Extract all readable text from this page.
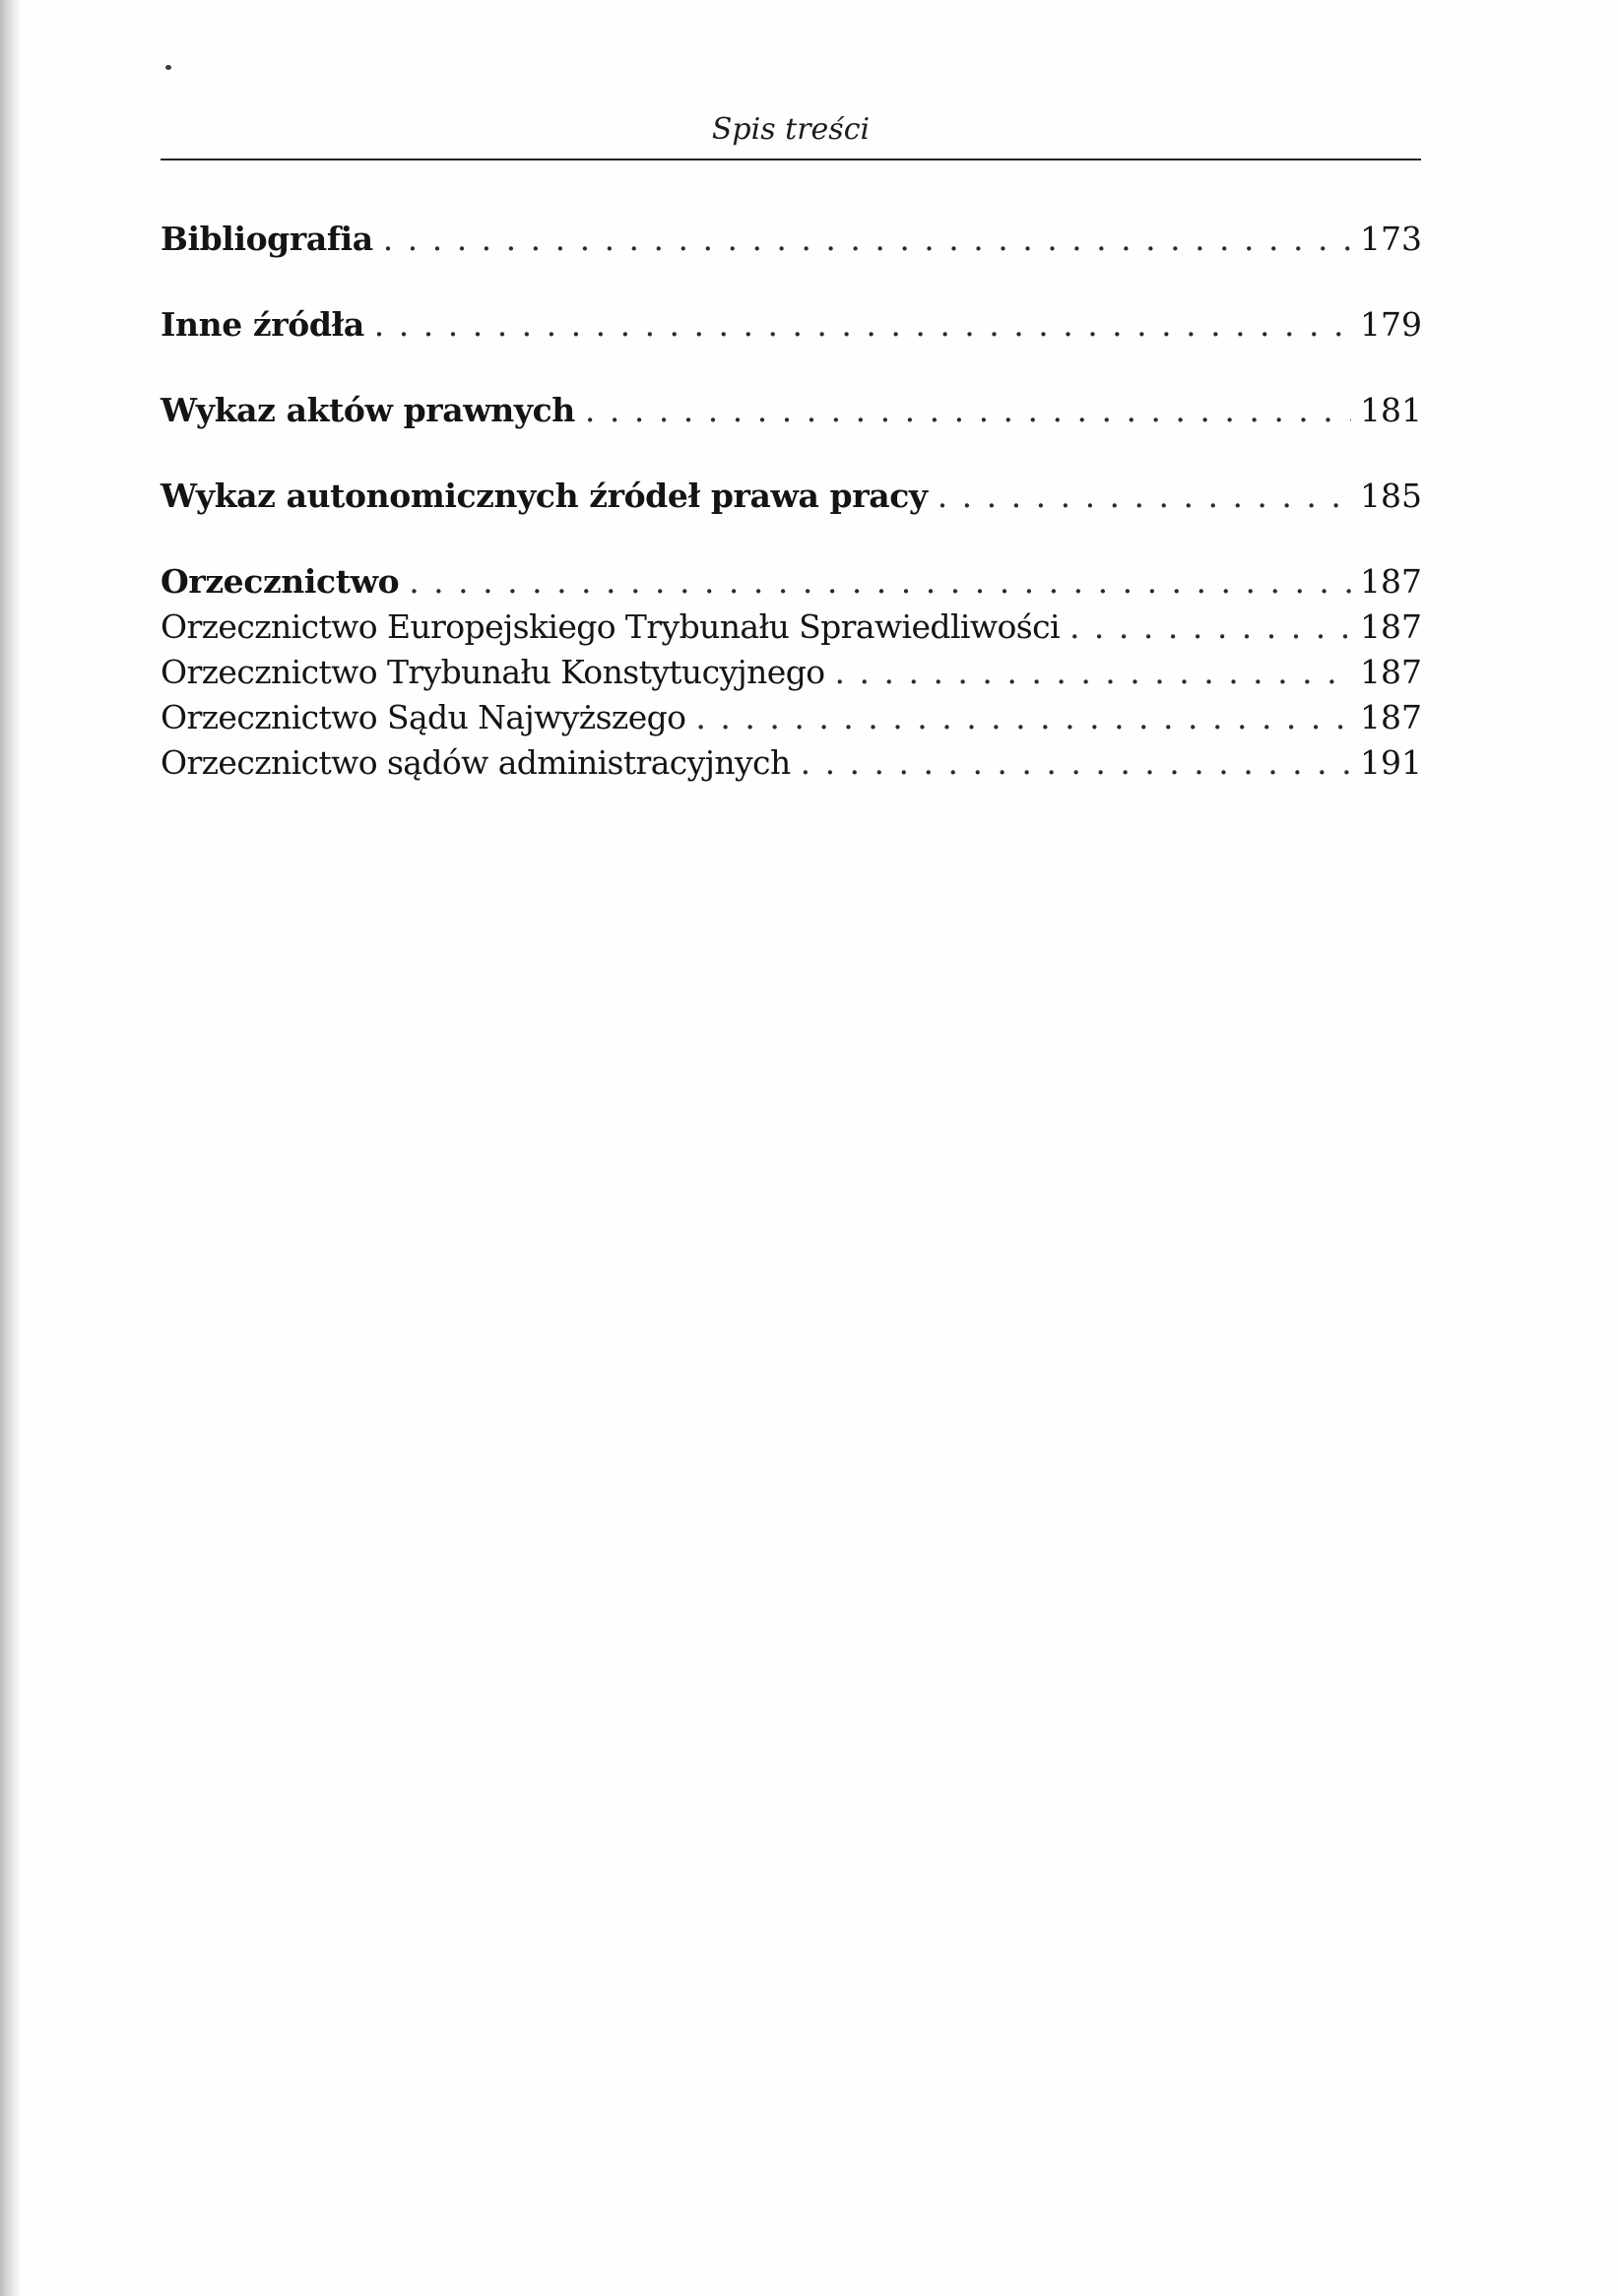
Spis treści
Bibliografia . . .	173
Inne źródła . . .	179
Wykaz aktów prawnych . . .	181
Wykaz autonomicznych źródeł prawa pracy . . .	185
Orzecznictwo . . .	187
Orzecznictwo Europejskiego Trybunału Sprawiedliwości . . .	187
Orzecznictwo Trybunału Konstytucyjnego . . .	187
Orzecznictwo Sądu Najwyższego . . .	187
Orzecznictwo sądów administracyjnych . . .	191
